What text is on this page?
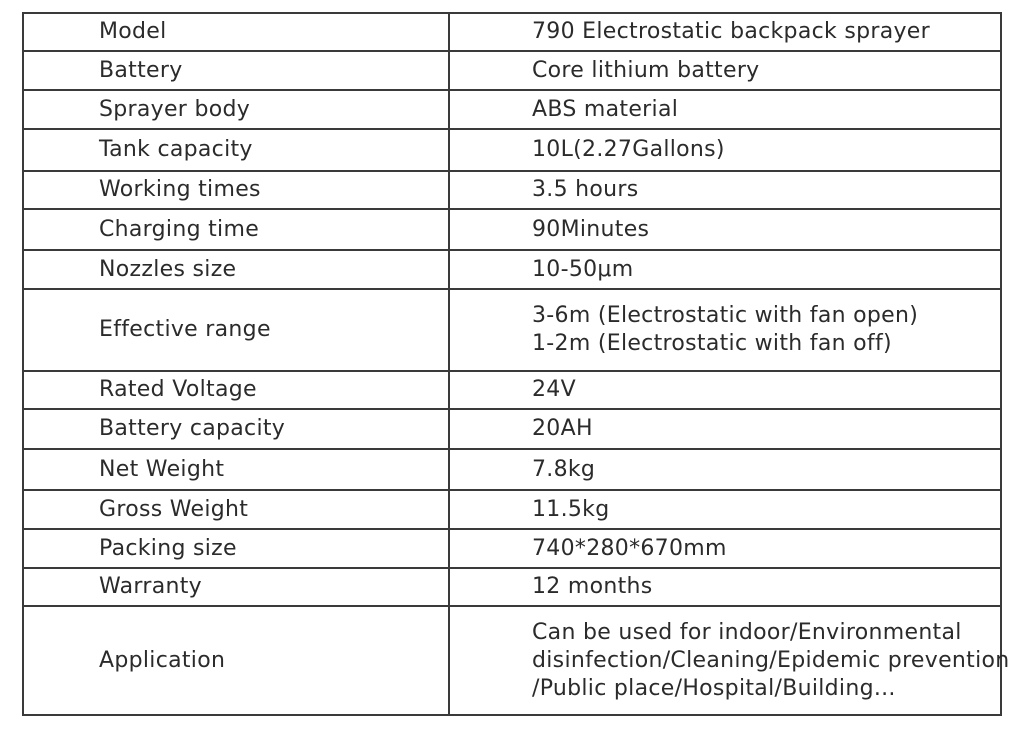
Model	790 Electrostatic backpack sprayer

Battery	Core lithium battery

Sprayer body	ABS material

Tank capacity	10L(2.27Gallons)

Working times	3.5 hours

Charging time	90Minutes

Nozzles size	10-50μm

Effective range	3-6m (Electrostatic with fan open)
1-2m (Electrostatic with fan off)

Rated Voltage	24V

Battery capacity	20AH

Net Weight	7.8kg

Gross Weight	11.5kg

Packing size	740*280*670mm

Warranty	12 months

Application	Can be used for indoor/Environmental
disinfection/Cleaning/Epidemic prevention
/Public place/Hospital/Building...
